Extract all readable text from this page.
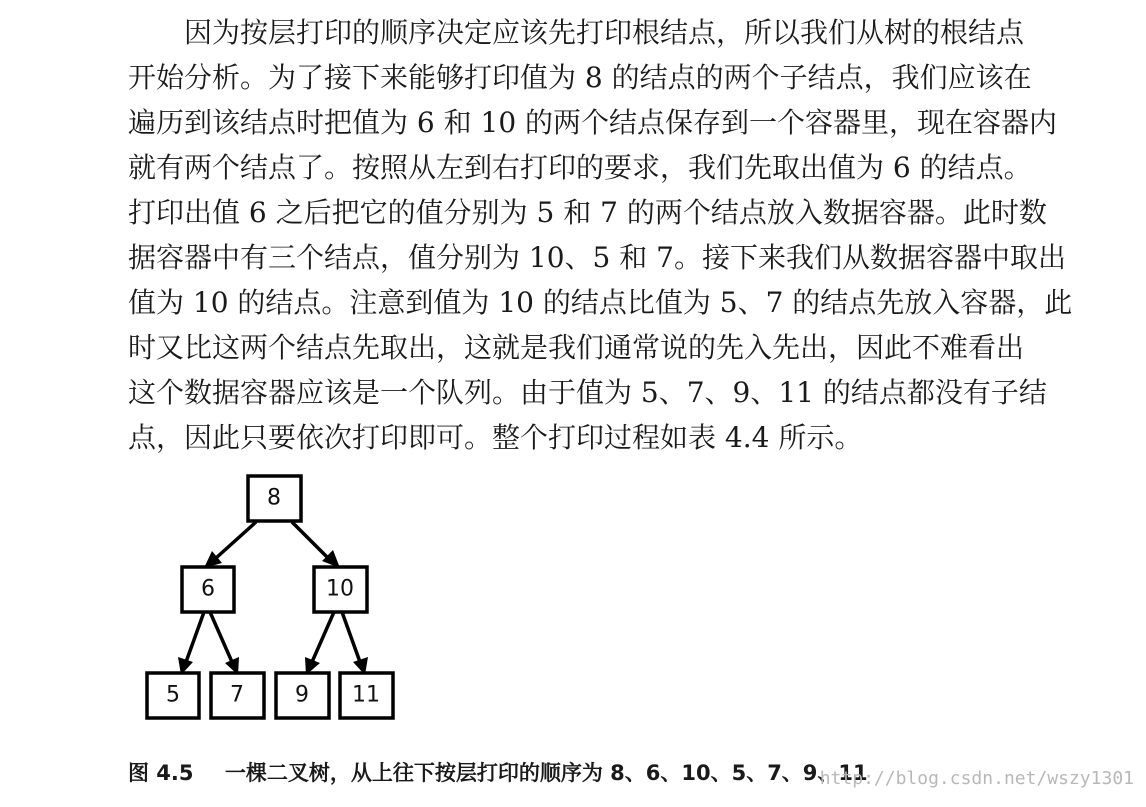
因为按层打印的顺序决定应该先打印根结点，所以我们从树的根结点
开始分析。为了接下来能够打印值为 8 的结点的两个子结点，我们应该在
遍历到该结点时把值为 6 和 10 的两个结点保存到一个容器里，现在容器内
就有两个结点了。按照从左到右打印的要求，我们先取出值为 6 的结点。
打印出值 6 之后把它的值分别为 5 和 7 的两个结点放入数据容器。此时数
据容器中有三个结点，值分别为 10、5 和 7。接下来我们从数据容器中取出
值为 10 的结点。注意到值为 10 的结点比值为 5、7 的结点先放入容器，此
时又比这两个结点先取出，这就是我们通常说的先入先出，因此不难看出
这个数据容器应该是一个队列。由于值为 5、7、9、11 的结点都没有子结
点，因此只要依次打印即可。整个打印过程如表 4.4 所示。
8
6	10
5 7 9 11
图 4.5 一棵二叉树，从上往下按层打印的顺序为 8、6、10、5、7、9、11
http://blog.csdn.net/wszy1301
